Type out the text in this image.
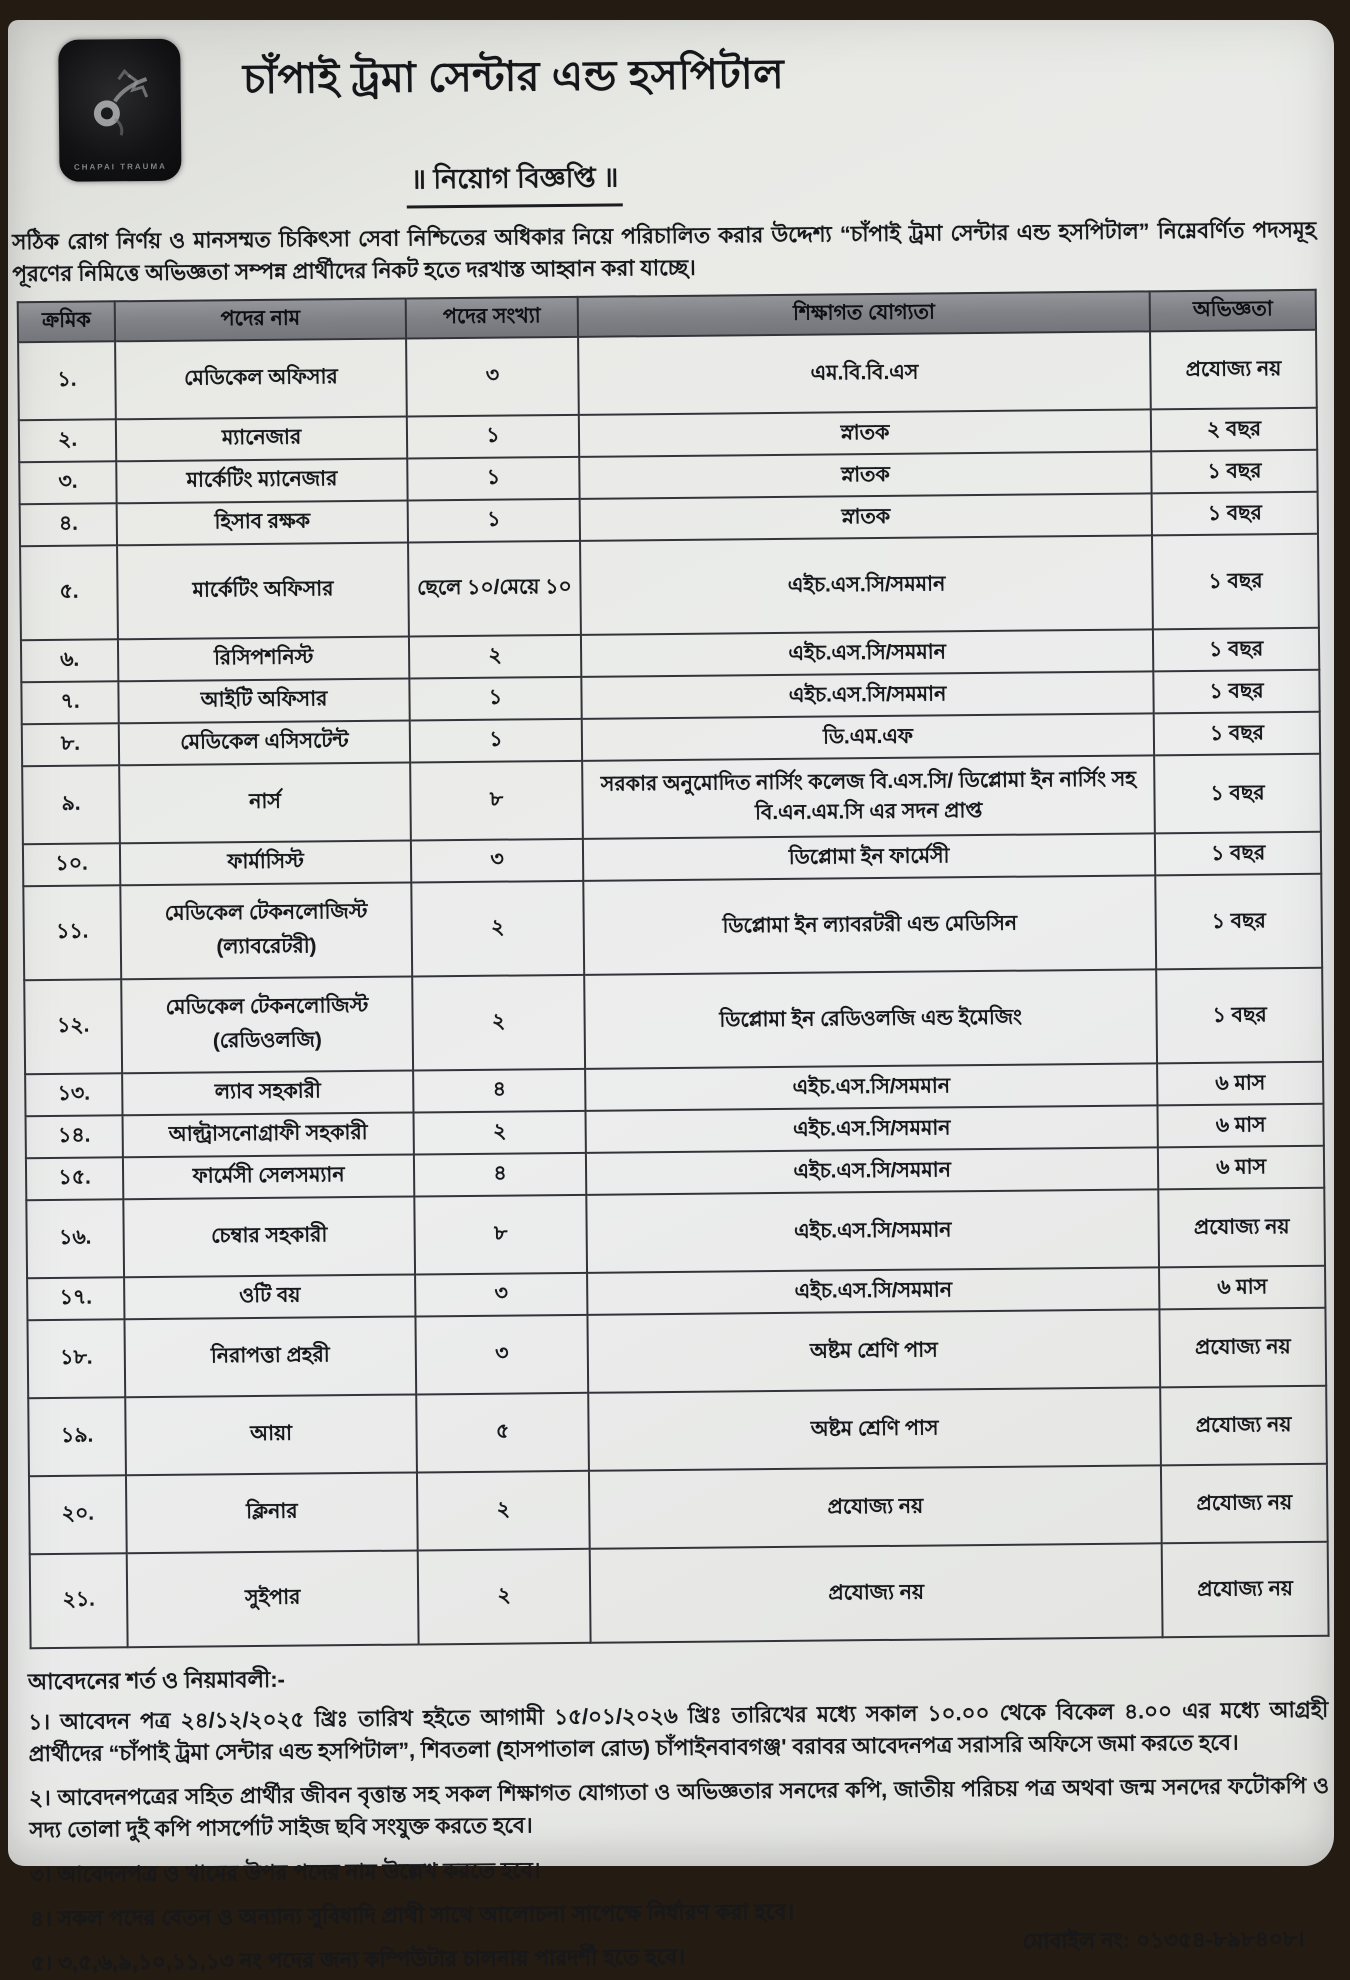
CHAPAI TRAUMA
চাঁপাই ট্রমা সেন্টার এন্ড হসপিটাল

॥ নিয়োগ বিজ্ঞপ্তি ॥
সঠিক রোগ নির্ণয় ও মানসম্মত চিকিৎসা সেবা নিশ্চিতের অধিকার নিয়ে পরিচালিত করার উদ্দেশ্য “চাঁপাই ট্রমা সেন্টার এন্ড হসপিটাল” নিম্নেবর্ণিত পদসমূহ পূরণের নিমিত্তে অভিজ্ঞতা সম্পন্ন প্রার্থীদের নিকট হতে দরখাস্ত আহ্বান করা যাচ্ছে।
ক্রমিক	পদের নাম	পদের সংখ্যা	শিক্ষাগত যোগ্যতা	অভিজ্ঞতা
১.	মেডিকেল অফিসার	৩	এম.বি.বি.এস	প্রযোজ্য নয়
২.	ম্যানেজার	১	স্নাতক	২ বছর
৩.	মার্কেটিং ম্যানেজার	১	স্নাতক	১ বছর
৪.	হিসাব রক্ষক	১	স্নাতক	১ বছর
৫.	মার্কেটিং অফিসার	ছেলে ১০/মেয়ে ১০	এইচ.এস.সি/সমমান	১ বছর
৬.	রিসিপশনিস্ট	২	এইচ.এস.সি/সমমান	১ বছর
৭.	আইটি অফিসার	১	এইচ.এস.সি/সমমান	১ বছর
৮.	মেডিকেল এসিসটেন্ট	১	ডি.এম.এফ	১ বছর
৯.	নার্স	৮	সরকার অনুমোদিত নার্সিং কলেজ বি.এস.সি/ ডিপ্লোমা ইন নার্সিং সহ বি.এন.এম.সি এর সদন প্রাপ্ত	১ বছর
১০.	ফার্মাসিস্ট	৩	ডিপ্লোমা ইন ফার্মেসী	১ বছর
১১.	মেডিকেল টেকনলোজিস্ট (ল্যাবরেটরী)	২	ডিপ্লোমা ইন ল্যাবরটরী এন্ড মেডিসিন	১ বছর
১২.	মেডিকেল টেকনলোজিস্ট (রেডিওলজি)	২	ডিপ্লোমা ইন রেডিওলজি এন্ড ইমেজিং	১ বছর
১৩.	ল্যাব সহকারী	৪	এইচ.এস.সি/সমমান	৬ মাস
১৪.	আল্ট্রাসনোগ্রাফী সহকারী	২	এইচ.এস.সি/সমমান	৬ মাস
১৫.	ফার্মেসী সেলসম্যান	৪	এইচ.এস.সি/সমমান	৬ মাস
১৬.	চেম্বার সহকারী	৮	এইচ.এস.সি/সমমান	প্রযোজ্য নয়
১৭.	ওটি বয়	৩	এইচ.এস.সি/সমমান	৬ মাস
১৮.	নিরাপত্তা প্রহরী	৩	অষ্টম শ্রেণি পাস	প্রযোজ্য নয়
১৯.	আয়া	৫	অষ্টম শ্রেণি পাস	প্রযোজ্য নয়
২০.	ক্লিনার	২	প্রযোজ্য নয়	প্রযোজ্য নয়
২১.	সুইপার	২	প্রযোজ্য নয়	প্রযোজ্য নয়
আবেদনের শর্ত ও নিয়মাবলী:-
১। আবেদন পত্র ২৪/১২/২০২৫ খ্রিঃ তারিখ হইতে আগামী ১৫/০১/২০২৬ খ্রিঃ তারিখের মধ্যে সকাল ১০.০০ থেকে বিকেল ৪.০০ এর মধ্যে আগ্রহী প্রার্থীদের “চাঁপাই ট্রমা সেন্টার এন্ড হসপিটাল”, শিবতলা (হাসপাতাল রোড) চাঁপাইনবাবগঞ্জ' বরাবর আবেদনপত্র সরাসরি অফিসে জমা করতে হবে।
২। আবেদনপত্রের সহিত প্রার্থীর জীবন বৃত্তান্ত সহ সকল শিক্ষাগত যোগ্যতা ও অভিজ্ঞতার সনদের কপি, জাতীয় পরিচয় পত্র অথবা জন্ম সনদের ফটোকপি ও সদ্য তোলা দুই কপি পাসর্পোট সাইজ ছবি সংযুক্ত করতে হবে।
৩। আবেদনপত্র ও খামের উপর পদের নাম উল্লেখ করতে হবে।
৪। সকল পদের বেতন ও অন্যান্য সুবিধাদি প্রাথী সাথে আলোচনা সাপেক্ষে নির্ধারণ করা হবে।
৫। ৩,৫,৬,৯,১০,১১,১৩ নং পদের জন্য কম্পিউটার চালনায় পারদর্শী হতে হবে।
মোবাইল নং: ০১৩৫৪-৮৯৮৪০৮।
